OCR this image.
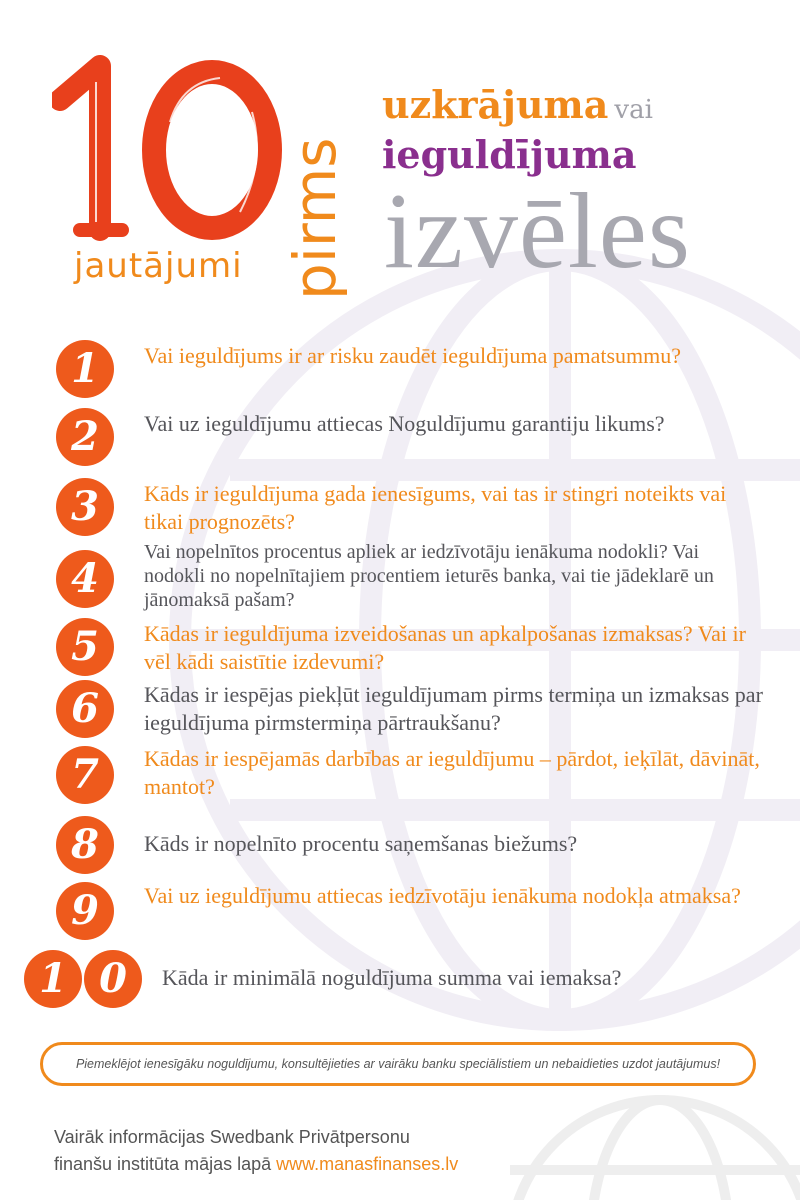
jautājumi pirms
uzkrājuma vai
ieguldījuma
izvēles
1	Vai ieguldījums ir ar risku zaudēt ieguldījuma pamatsummu?
2	Vai uz ieguldījumu attiecas Noguldījumu garantiju likums?
3	Kāds ir ieguldījuma gada ienesīgums, vai tas ir stingri noteikts vai tikai prognozēts?
4
Vai nopelnītos procentus apliek ar iedzīvotāju ienākuma nodokli? Vai nodokli no nopelnītajiem procentiem ieturēs banka, vai tie jādeklarē un jānomaksā pašam?
5	Kādas ir ieguldījuma izveidošanas un apkalpošanas izmaksas? Vai ir vēl kādi saistītie izdevumi?
6	Kādas ir iespējas piekļūt ieguldījumam pirms termiņa un izmaksas par ieguldījuma pirmstermiņa pārtraukšanu?
7	Kādas ir iespējamās darbības ar ieguldījumu – pārdot, ieķīlāt, dāvināt, mantot?
8	Kāds ir nopelnīto procentu saņemšanas biežums?
9	Vai uz ieguldījumu attiecas iedzīvotāju ienākuma nodokļa atmaksa?
1 0	Kāda ir minimālā noguldījuma summa vai iemaksa?
Piemeklējot ienesīgāku noguldījumu, konsultējieties ar vairāku banku speciālistiem un nebaidieties uzdot jautājumus!
Vairāk informācijas Swedbank Privātpersonu
finanšu institūta mājas lapā www.manasfinanses.lv
